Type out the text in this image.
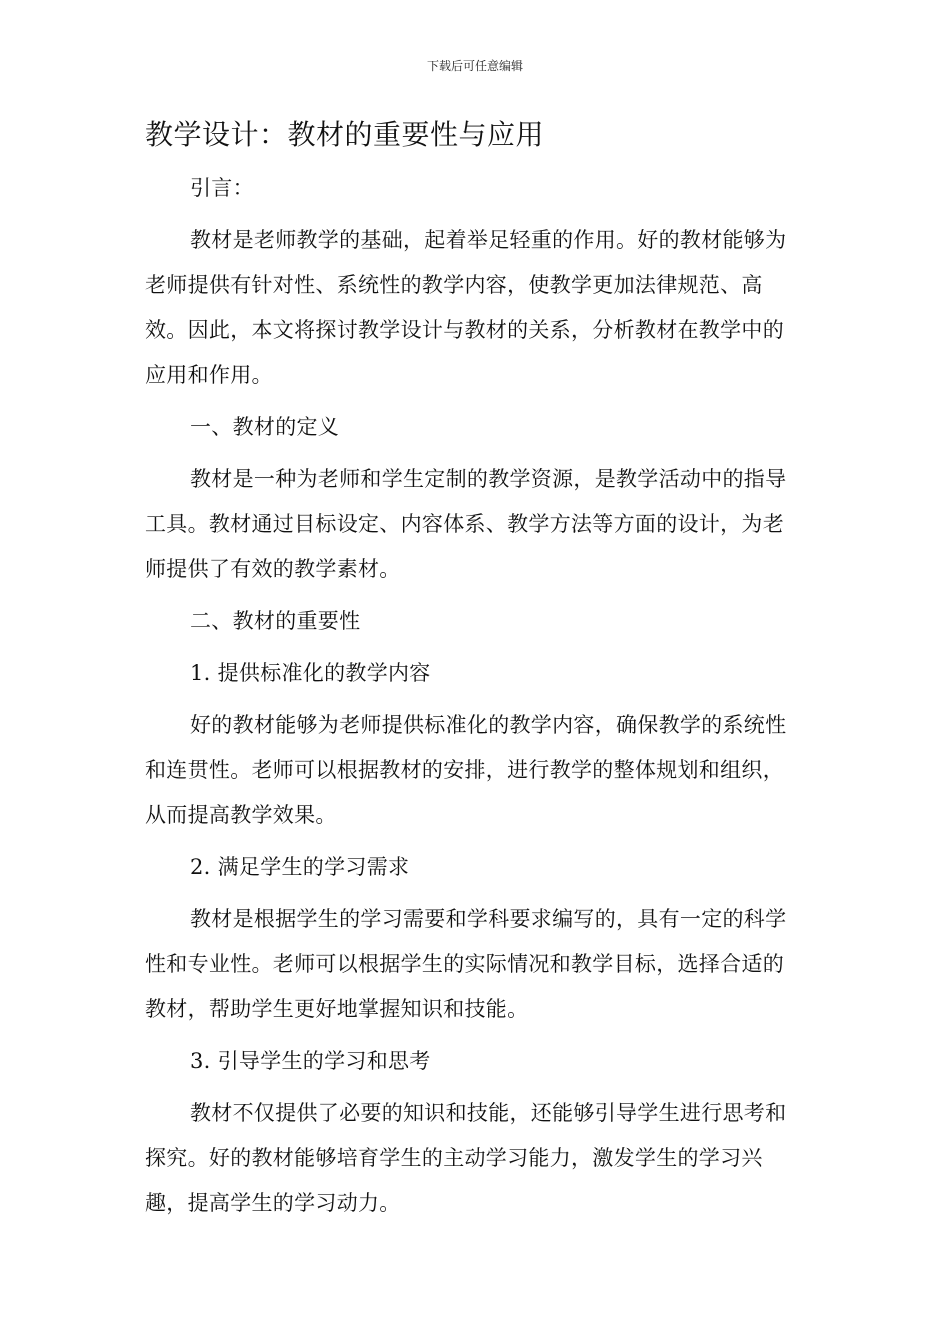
下载后可任意编辑
教学设计：教材的重要性与应用

引言：

教材是老师教学的基础，起着举足轻重的作用。好的教材能够为老师提供有针对性、系统性的教学内容，使教学更加法律规范、高效。因此，本文将探讨教学设计与教材的关系，分析教材在教学中的应用和作用。

一、教材的定义

教材是一种为老师和学生定制的教学资源，是教学活动中的指导工具。教材通过目标设定、内容体系、教学方法等方面的设计，为老师提供了有效的教学素材。

二、教材的重要性

1. 提供标准化的教学内容

好的教材能够为老师提供标准化的教学内容，确保教学的系统性和连贯性。老师可以根据教材的安排，进行教学的整体规划和组织，从而提高教学效果。

2. 满足学生的学习需求

教材是根据学生的学习需要和学科要求编写的，具有一定的科学性和专业性。老师可以根据学生的实际情况和教学目标，选择合适的教材，帮助学生更好地掌握知识和技能。

3. 引导学生的学习和思考

教材不仅提供了必要的知识和技能，还能够引导学生进行思考和探究。好的教材能够培育学生的主动学习能力，激发学生的学习兴趣，提高学生的学习动力。
